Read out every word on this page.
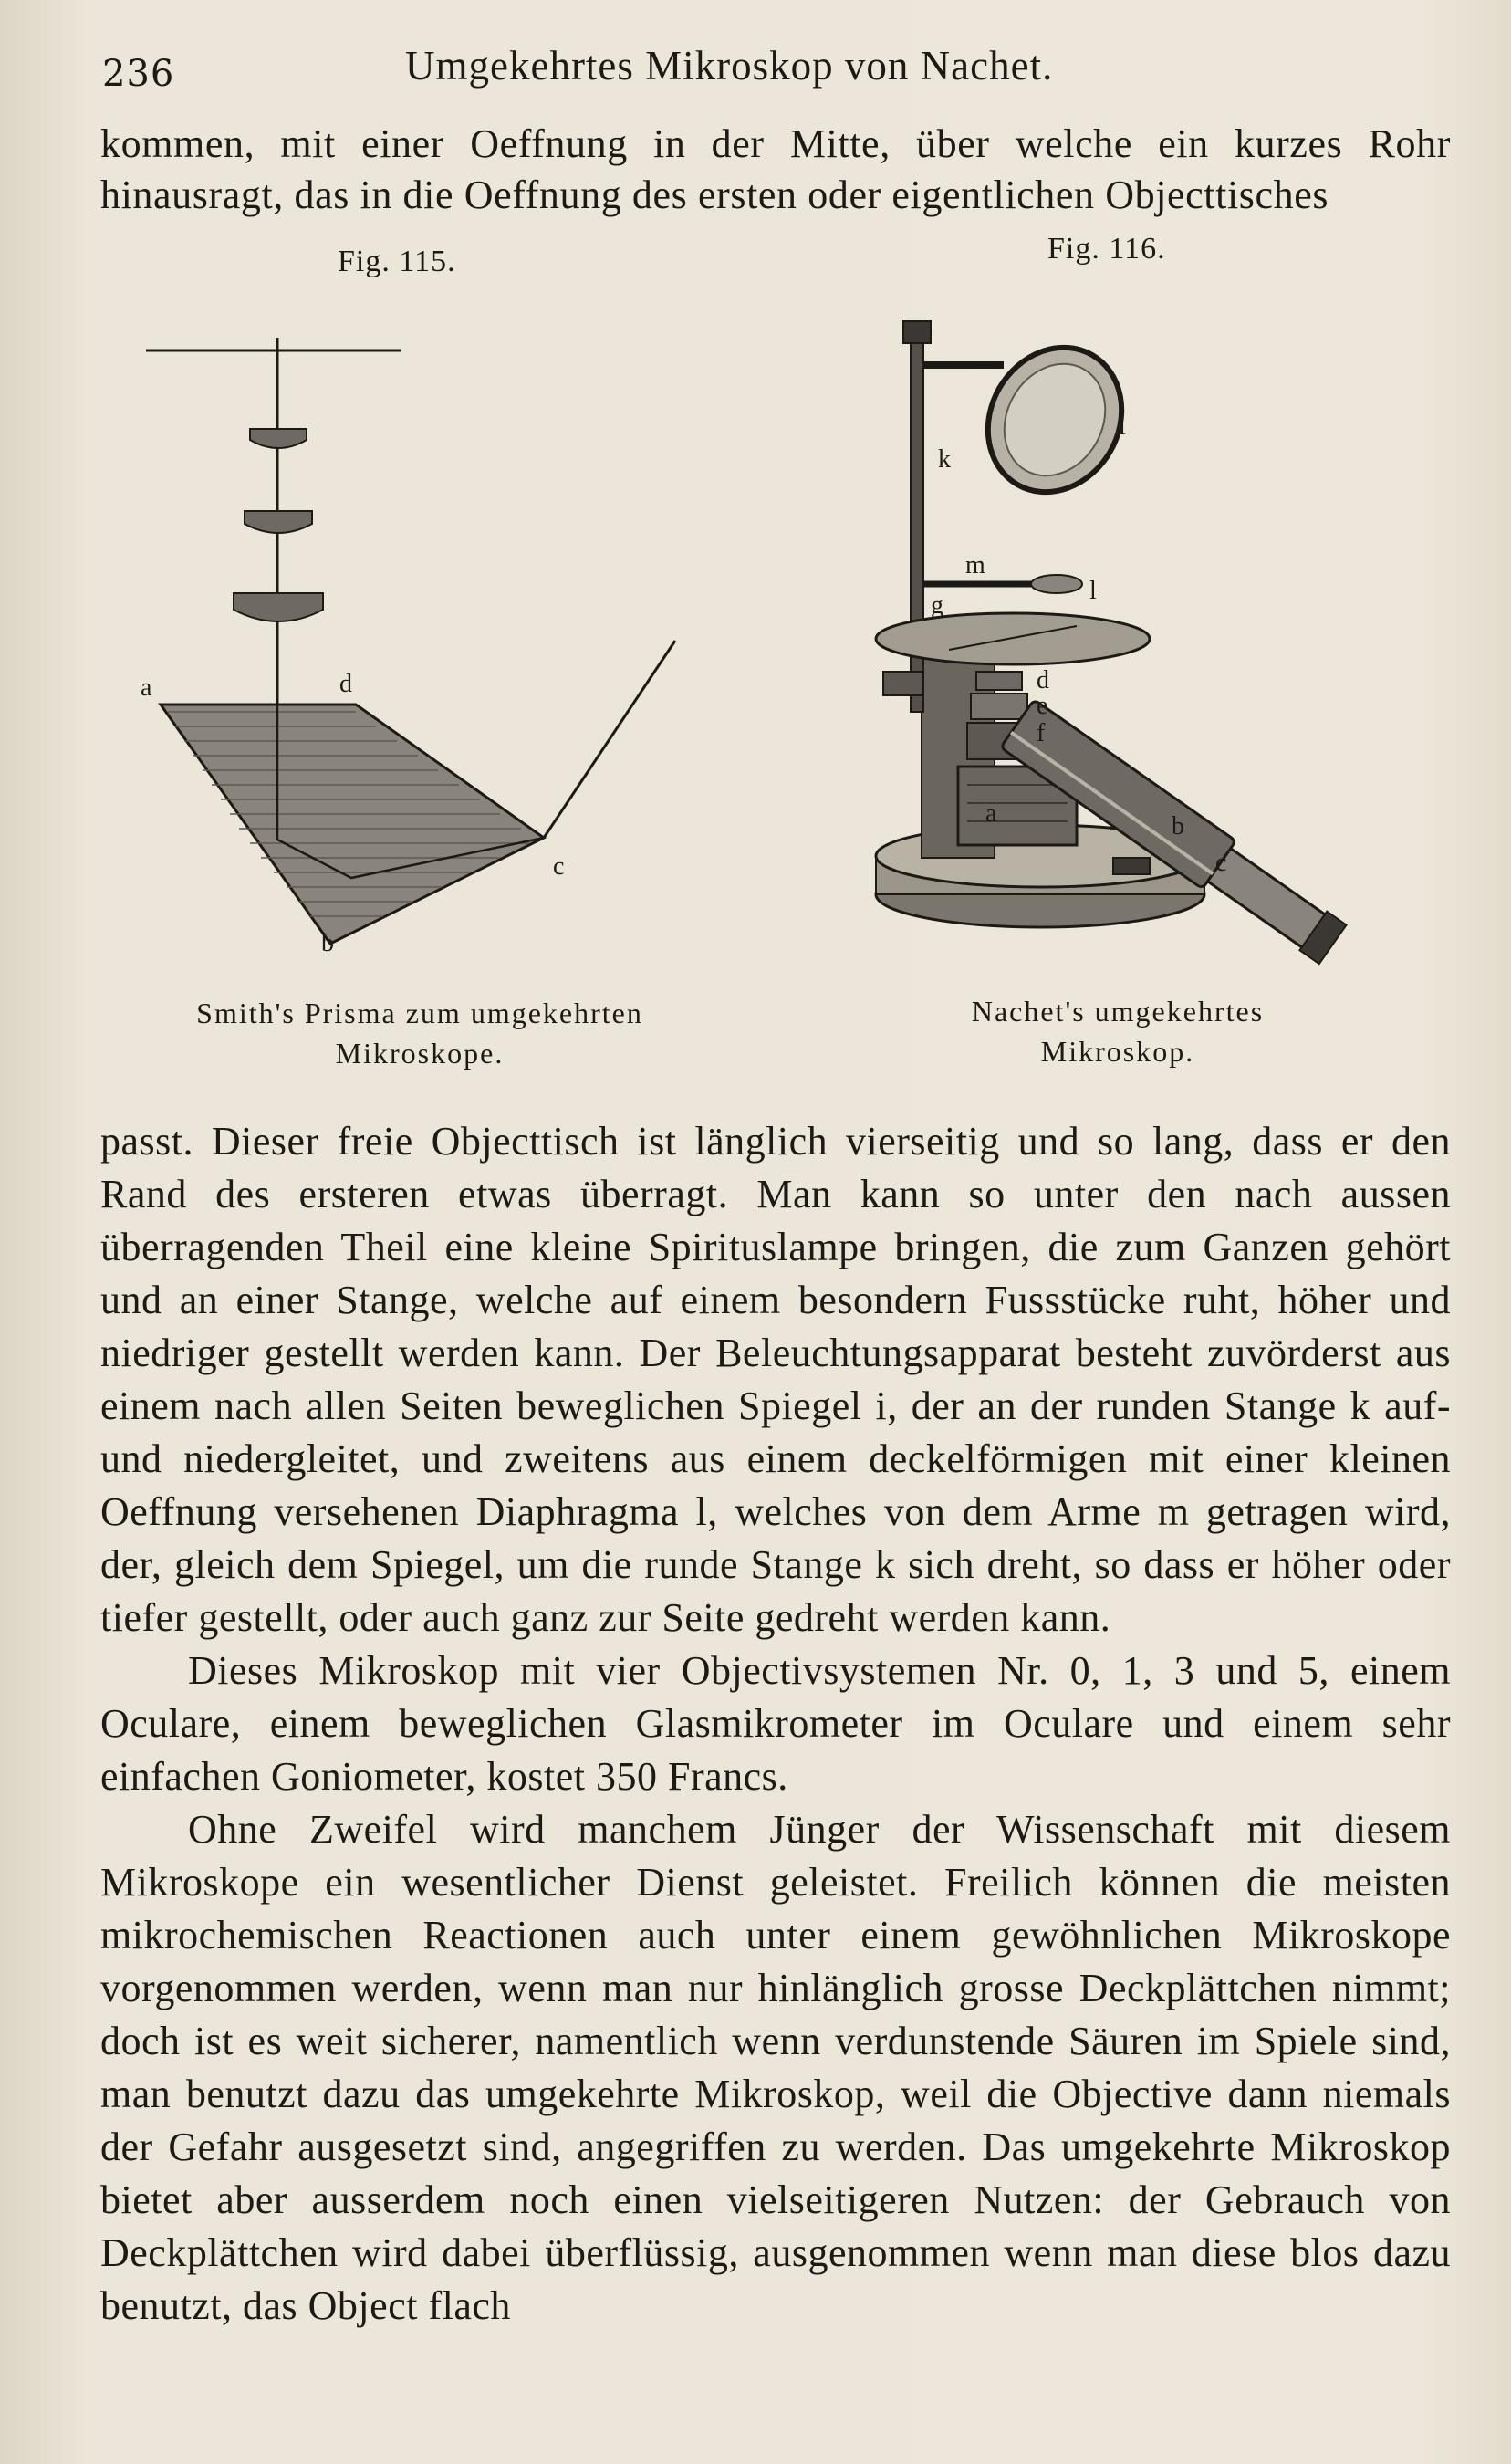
236	Umgekehrtes Mikroskop von Nachet.
kommen, mit einer Oeffnung in der Mitte, über welche ein kurzes Rohr
hinausragt, das in die Oeffnung des ersten oder eigentlichen Objecttisches
Fig. 115.
a	d
c
b
Smith's Prisma zum umgekehrten
Mikroskope.
Fig. 116.
i
k
m
l
g
d
e
f
a	b
c
Nachet's umgekehrtes
Mikroskop.

passt. Dieser freie Objecttisch ist länglich vierseitig und so lang, dass er den Rand des ersteren etwas überragt. Man kann so unter den nach aussen überragenden Theil eine kleine Spirituslampe bringen, die zum Ganzen gehört und an einer Stange, welche auf einem besondern Fussstücke ruht, höher und niedriger gestellt werden kann. Der Beleuchtungsapparat besteht zuvörderst aus einem nach allen Seiten beweglichen Spiegel i, der an der runden Stange k auf- und niedergleitet, und zweitens aus einem deckelförmigen mit einer kleinen Oeffnung versehenen Diaphragma l, welches von dem Arme m getragen wird, der, gleich dem Spiegel, um die runde Stange k sich dreht, so dass er höher oder tiefer gestellt, oder auch ganz zur Seite gedreht werden kann.

Dieses Mikroskop mit vier Objectivsystemen Nr. 0, 1, 3 und 5, einem Oculare, einem beweglichen Glasmikrometer im Oculare und einem sehr einfachen Goniometer, kostet 350 Francs.

Ohne Zweifel wird manchem Jünger der Wissenschaft mit diesem Mikroskope ein wesentlicher Dienst geleistet. Freilich können die meisten mikrochemischen Reactionen auch unter einem gewöhnlichen Mikroskope vorgenommen werden, wenn man nur hinlänglich grosse Deckplättchen nimmt; doch ist es weit sicherer, namentlich wenn verdunstende Säuren im Spiele sind, man benutzt dazu das umgekehrte Mikroskop, weil die Objective dann niemals der Gefahr ausgesetzt sind, angegriffen zu werden. Das umgekehrte Mikroskop bietet aber ausserdem noch einen vielseitigeren Nutzen: der Gebrauch von Deckplättchen wird dabei überflüssig, ausgenommen wenn man diese blos dazu benutzt, das Object flach
